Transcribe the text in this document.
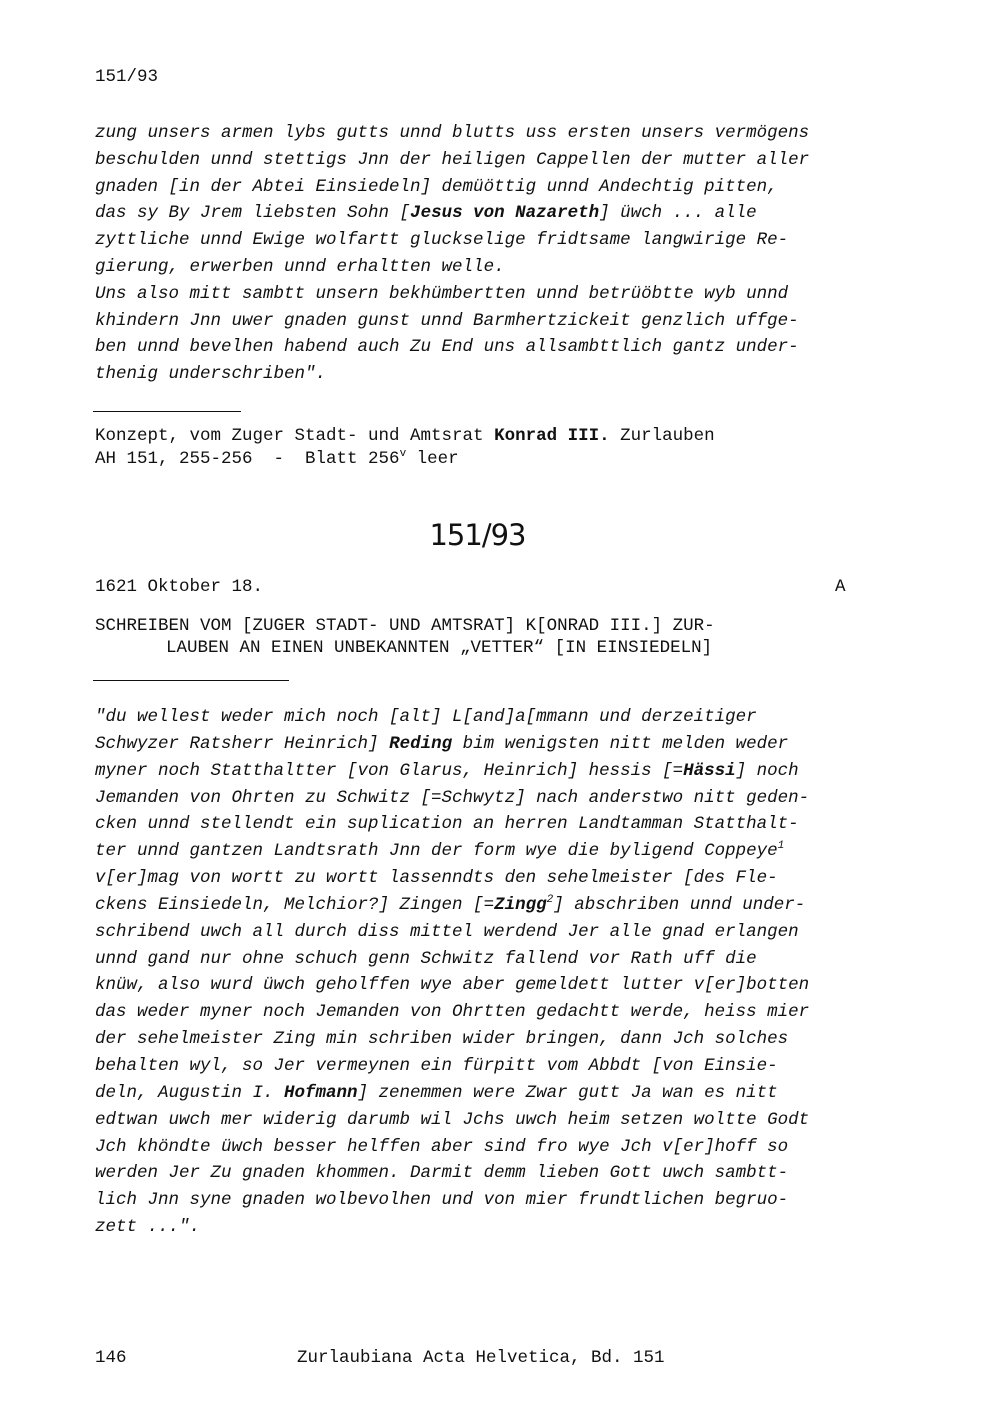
151/93
zung unsers armen lybs gutts unnd blutts uss ersten unsers vermögens
beschulden unnd stettigs Jnn der heiligen Cappellen der mutter aller
gnaden [in der Abtei Einsiedeln] demüöttig unnd Andechtig pitten,
das sy By Jrem liebsten Sohn [Jesus von Nazareth] üwch ... alle
zyttliche unnd Ewige wolfartt gluckselige fridtsame langwirige Re-
gierung, erwerben unnd erhaltten welle.
Uns also mitt sambtt unsern bekhümbertten unnd betrüöbtte wyb unnd
khindern Jnn uwer gnaden gunst unnd Barmhertzickeit genzlich uffge-
ben unnd bevelhen habend auch Zu End uns allsambttlich gantz under-
thenig underschriben".
Konzept, vom Zuger Stadt- und Amtsrat Konrad III. Zurlauben
AH 151, 255-256  -  Blatt 256$^v$ leer
151/93
1621 Oktober 18.	A
SCHREIBEN VOM [ZUGER STADT- UND AMTSRAT] K[ONRAD III.] ZUR-
LAUBEN AN EINEN UNBEKANNTEN „VETTER“ [IN EINSIEDELN]
"du wellest weder mich noch [alt] L[and]a[mmann und derzeitiger
Schwyzer Ratsherr Heinrich] Reding bim wenigsten nitt melden weder
myner noch Statthaltter [von Glarus, Heinrich] hessis [=Hässi] noch
Jemanden von Ohrten zu Schwitz [=Schwytz] nach anderstwo nitt geden-
cken unnd stellendt ein suplication an herren Landtamman Statthalt-
ter unnd gantzen Landtsrath Jnn der form wye die byligend Coppeye$^1$
v[er]mag von wortt zu wortt lassenndts den sehelmeister [des Fle-
ckens Einsiedeln, Melchior?] Zingen [=Zingg$^2$] abschriben unnd under-
schribend uwch all durch diss mittel werdend Jer alle gnad erlangen
unnd gand nur ohne schuch genn Schwitz fallend vor Rath uff die
knüw, also wurd üwch geholffen wye aber gemeldett lutter v[er]botten
das weder myner noch Jemanden von Ohrtten gedachtt werde, heiss mier
der sehelmeister Zing min schriben wider bringen, dann Jch solches
behalten wyl, so Jer vermeynen ein fürpitt vom Abbdt [von Einsie-
deln, Augustin I. Hofmann] zenemmen were Zwar gutt Ja wan es nitt
edtwan uwch mer widerig darumb wil Jchs uwch heim setzen woltte Godt
Jch khöndte üwch besser helffen aber sind fro wye Jch v[er]hoff so
werden Jer Zu gnaden khommen. Darmit demm lieben Gott uwch sambtt-
lich Jnn syne gnaden wolbevolhen und von mier frundtlichen begruo-
zett ...".
146	Zurlaubiana Acta Helvetica, Bd. 151
